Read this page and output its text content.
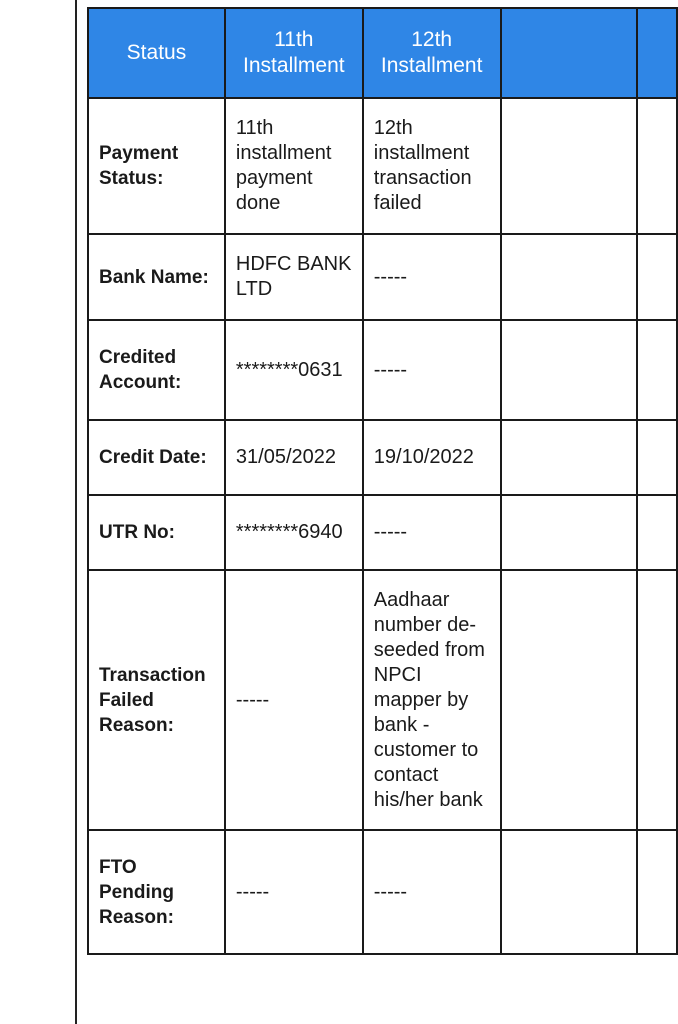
Status	11th Installment	12th Installment		
Payment Status:	11th installment payment done	12th installment transaction failed		
Bank Name:	HDFC BANK LTD	-----		
Credited Account:	********0631	-----		
Credit Date:	31/05/2022	19/10/2022		
UTR No:	********6940	-----		
Transaction Failed Reason:	-----	Aadhaar number de-seeded from NPCI mapper by bank - customer to contact his/her bank		
FTO Pending Reason:	-----	-----		
